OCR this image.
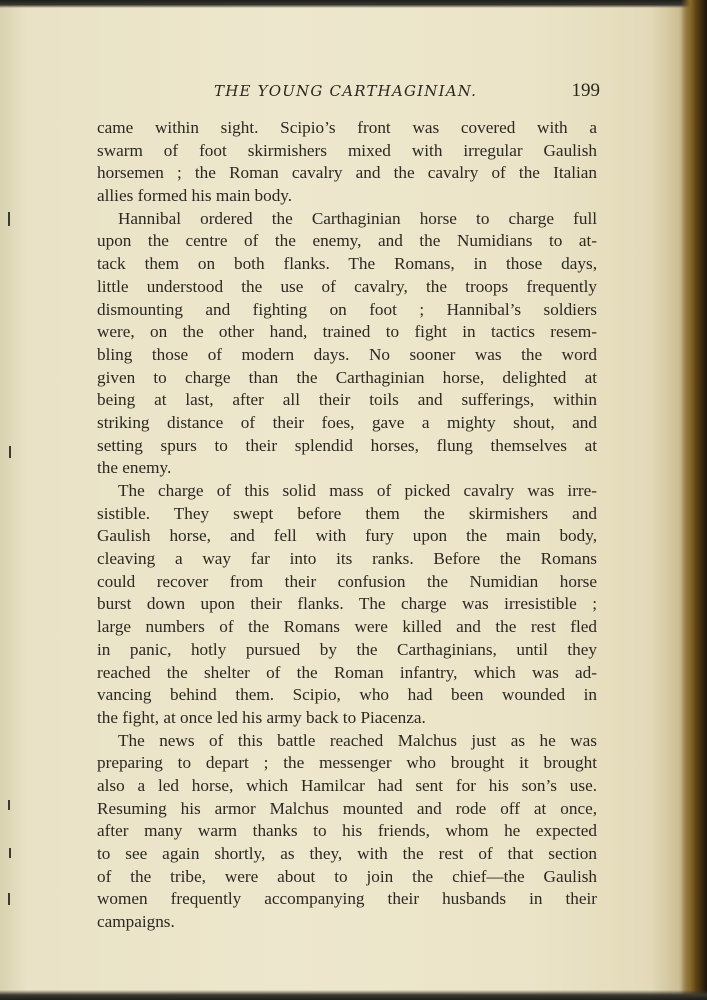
THE YOUNG CARTHAGINIAN.	199
came within sight. Scipio’s front was covered with a
swarm of foot skirmishers mixed with irregular Gaulish
horsemen ; the Roman cavalry and the cavalry of the Italian
allies formed his main body.
Hannibal ordered the Carthaginian horse to charge full
upon the centre of the enemy, and the Numidians to at-
tack them on both flanks. The Romans, in those days,
little understood the use of cavalry, the troops frequently
dismounting and fighting on foot ; Hannibal’s soldiers
were, on the other hand, trained to fight in tactics resem-
bling those of modern days. No sooner was the word
given to charge than the Carthaginian horse, delighted at
being at last, after all their toils and sufferings, within
striking distance of their foes, gave a mighty shout, and
setting spurs to their splendid horses, flung themselves at
the enemy.
The charge of this solid mass of picked cavalry was irre-
sistible. They swept before them the skirmishers and
Gaulish horse, and fell with fury upon the main body,
cleaving a way far into its ranks. Before the Romans
could recover from their confusion the Numidian horse
burst down upon their flanks. The charge was irresistible ;
large numbers of the Romans were killed and the rest fled
in panic, hotly pursued by the Carthaginians, until they
reached the shelter of the Roman infantry, which was ad-
vancing behind them. Scipio, who had been wounded in
the fight, at once led his army back to Piacenza.
The news of this battle reached Malchus just as he was
preparing to depart ; the messenger who brought it brought
also a led horse, which Hamilcar had sent for his son’s use.
Resuming his armor Malchus mounted and rode off at once,
after many warm thanks to his friends, whom he expected
to see again shortly, as they, with the rest of that section
of the tribe, were about to join the chief—the Gaulish
women frequently accompanying their husbands in their
campaigns.
